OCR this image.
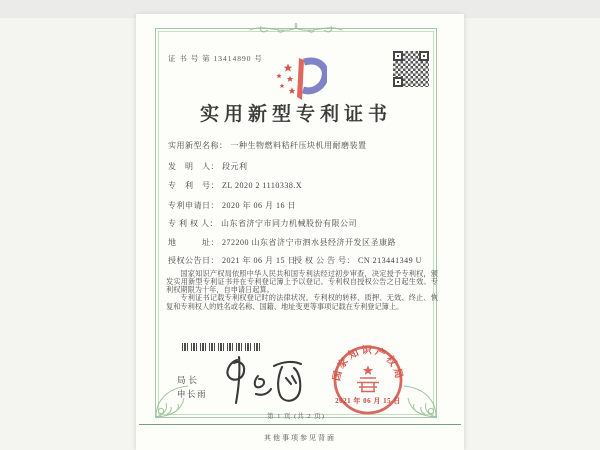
证 书 号 第 13414890 号
实用新型专利证书
实用新型名称： 一种生物燃料秸秆压块机用耐磨装置
发　明　人： 段元利
专　利　号： ZL 2020 2 1110338.X
专利申请日： 2020 年 06 月 16 日
专 利 权 人： 山东省济宁市同力机械股份有限公司
地　　　址： 272200 山东省济宁市泗水县经济开发区圣康路
授权公告日： 2021 年 06 月 15 日
授 权 公 告 号： CN 213441349 U

国家知识产权局依照中华人民共和国专利法经过初步审查，决定授予专利权，颁发实用新型专利证书并在专利登记簿上予以登记。专利权自授权公告之日起生效。专利权期限为十年，自申请日起算。

专利证书记载专利权登记时的法律状况。专利权的转移、质押、无效、终止、恢复和专利权人的姓名或名称、国籍、地址变更等事项记载在专利登记簿上。

局长
申长雨
国家知识产权局
2021 年 06 月 15 日
第 1 页 (共 2 页)
其他事项参见背面
